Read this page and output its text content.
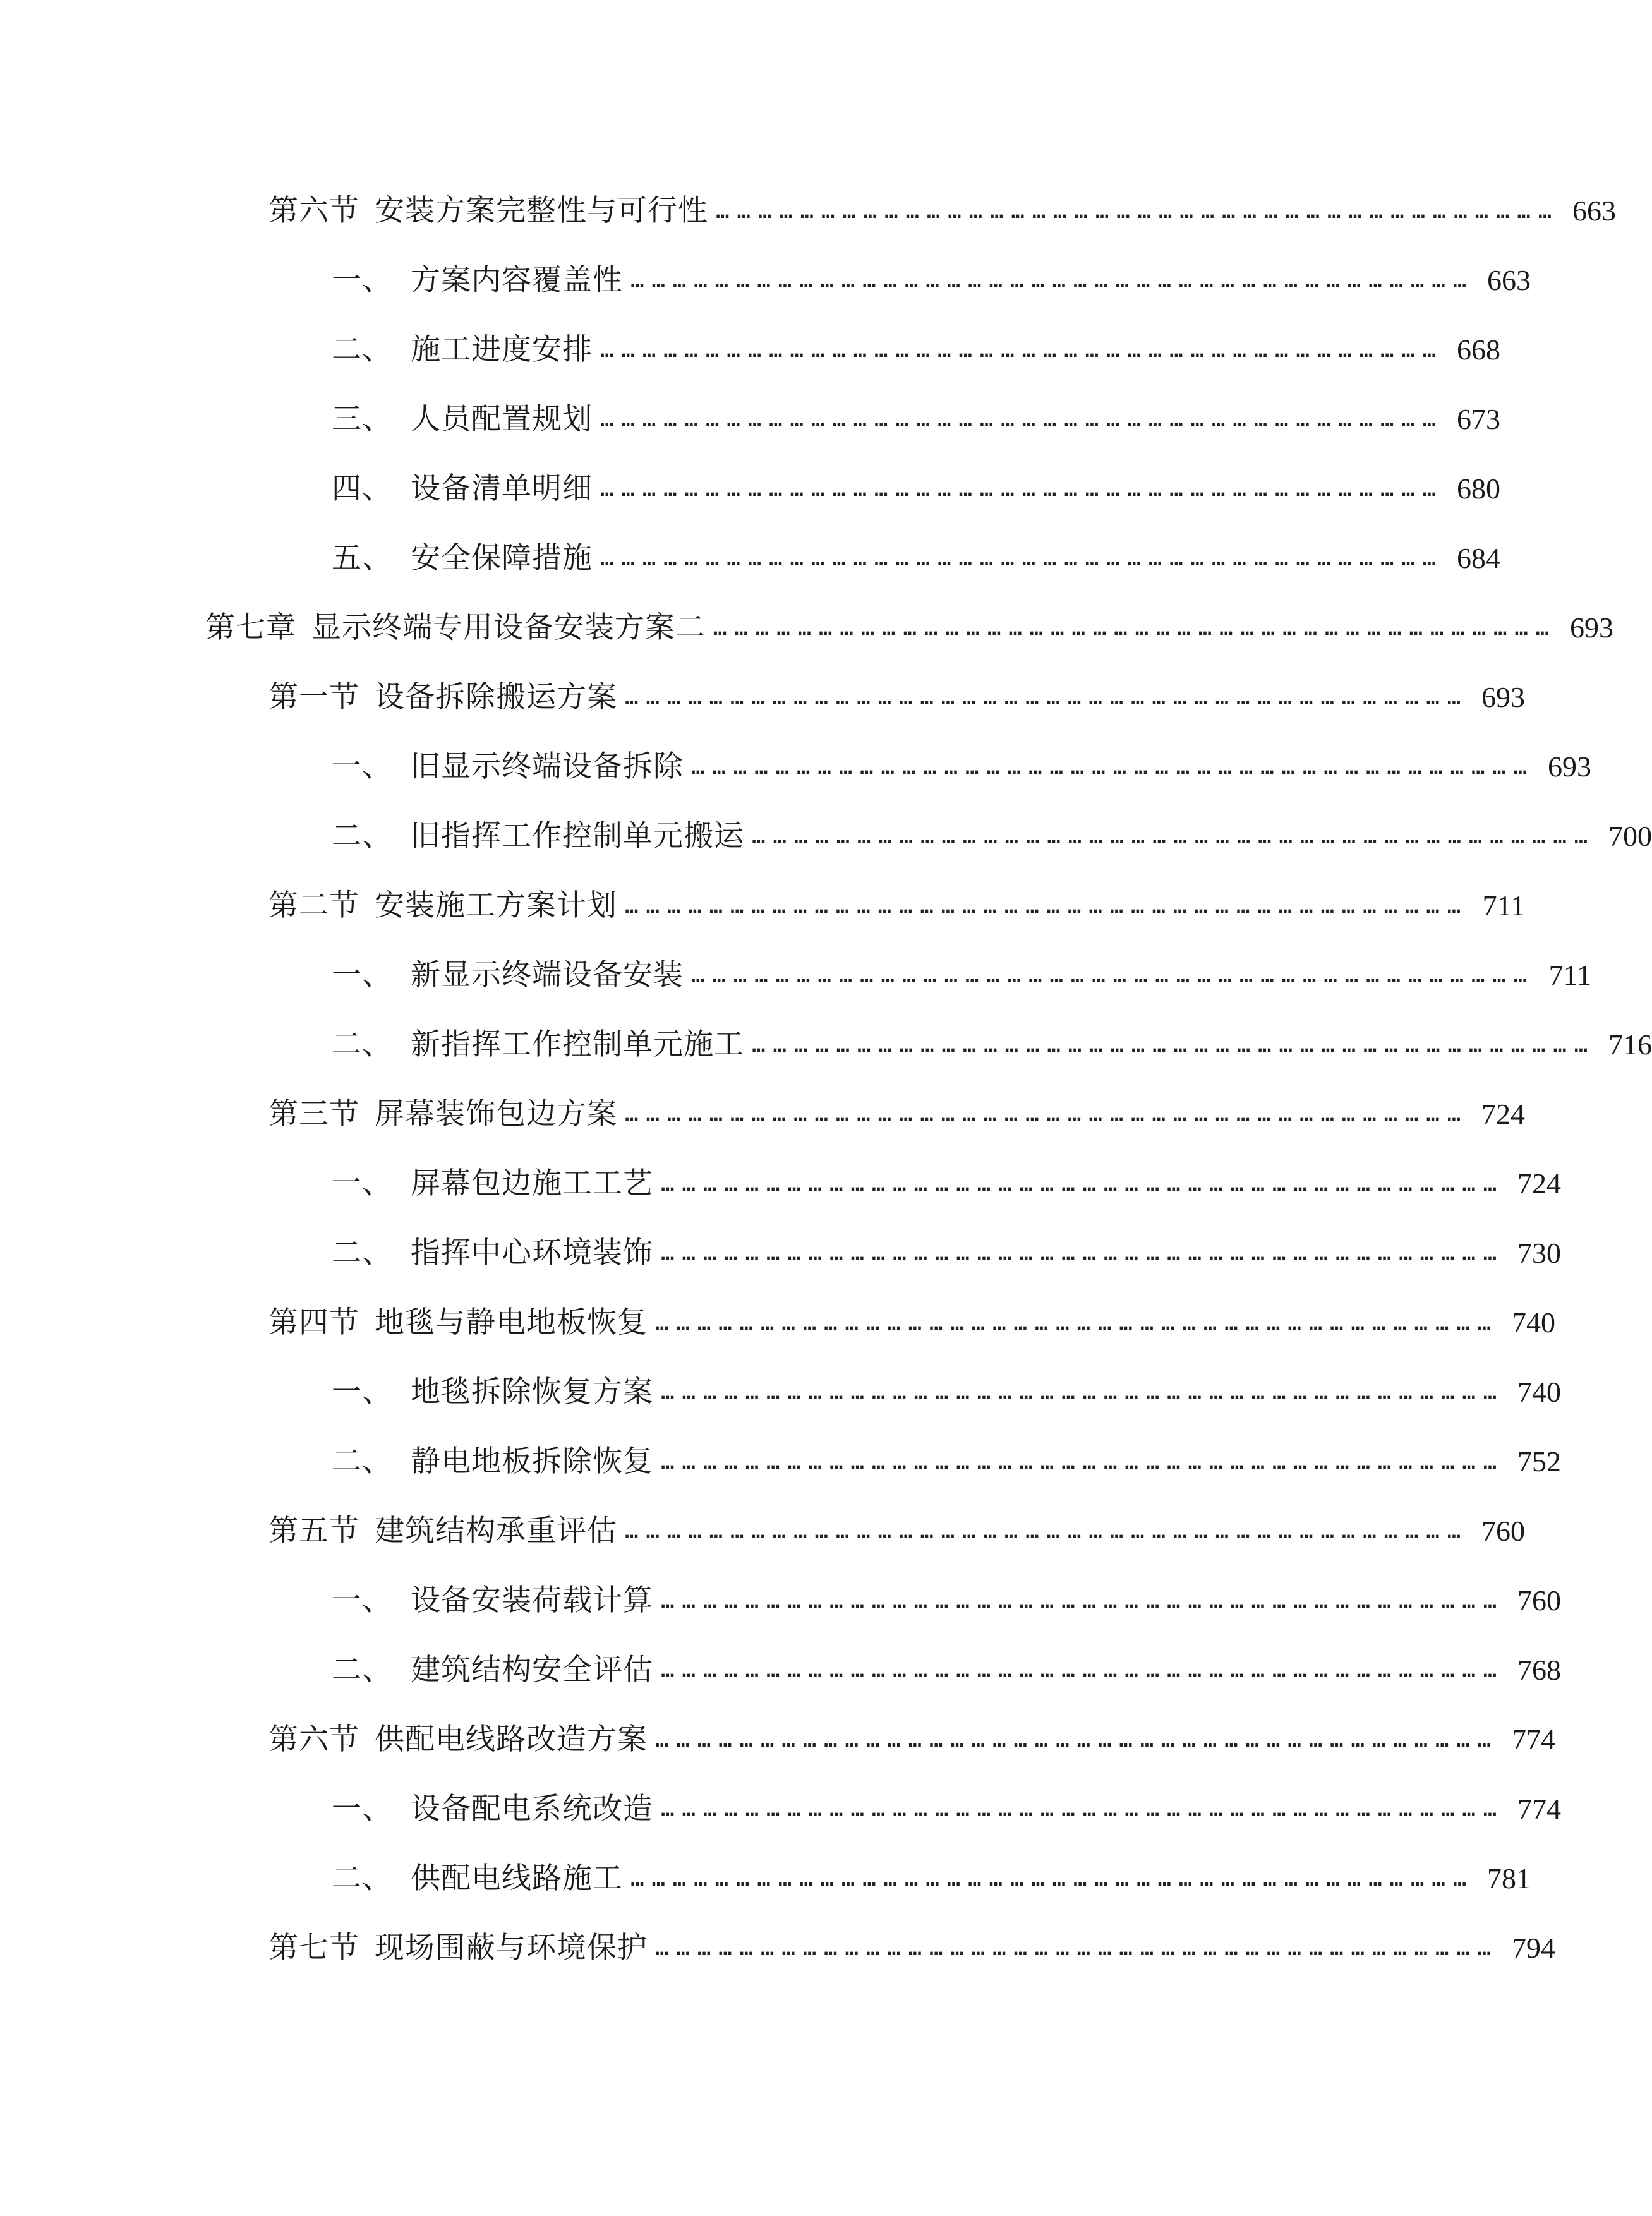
第六节 安装方案完整性与可行性 ………………………………………………………………………………………………………… 663
一、 方案内容覆盖性 ………………………………………………………………………………………………………… 663
二、 施工进度安排 ………………………………………………………………………………………………………… 668
三、 人员配置规划 ………………………………………………………………………………………………………… 673
四、 设备清单明细 ………………………………………………………………………………………………………… 680
五、 安全保障措施 ………………………………………………………………………………………………………… 684
第七章 显示终端专用设备安装方案二 ………………………………………………………………………………………………………… 693
第一节 设备拆除搬运方案 ………………………………………………………………………………………………………… 693
一、 旧显示终端设备拆除 ………………………………………………………………………………………………………… 693
二、 旧指挥工作控制单元搬运 ………………………………………………………………………………………………………… 700
第二节 安装施工方案计划 ………………………………………………………………………………………………………… 711
一、 新显示终端设备安装 ………………………………………………………………………………………………………… 711
二、 新指挥工作控制单元施工 ………………………………………………………………………………………………………… 716
第三节 屏幕装饰包边方案 ………………………………………………………………………………………………………… 724
一、 屏幕包边施工工艺 ………………………………………………………………………………………………………… 724
二、 指挥中心环境装饰 ………………………………………………………………………………………………………… 730
第四节 地毯与静电地板恢复 ………………………………………………………………………………………………………… 740
一、 地毯拆除恢复方案 ………………………………………………………………………………………………………… 740
二、 静电地板拆除恢复 ………………………………………………………………………………………………………… 752
第五节 建筑结构承重评估 ………………………………………………………………………………………………………… 760
一、 设备安装荷载计算 ………………………………………………………………………………………………………… 760
二、 建筑结构安全评估 ………………………………………………………………………………………………………… 768
第六节 供配电线路改造方案 ………………………………………………………………………………………………………… 774
一、 设备配电系统改造 ………………………………………………………………………………………………………… 774
二、 供配电线路施工 ………………………………………………………………………………………………………… 781
第七节 现场围蔽与环境保护 ………………………………………………………………………………………………………… 794
